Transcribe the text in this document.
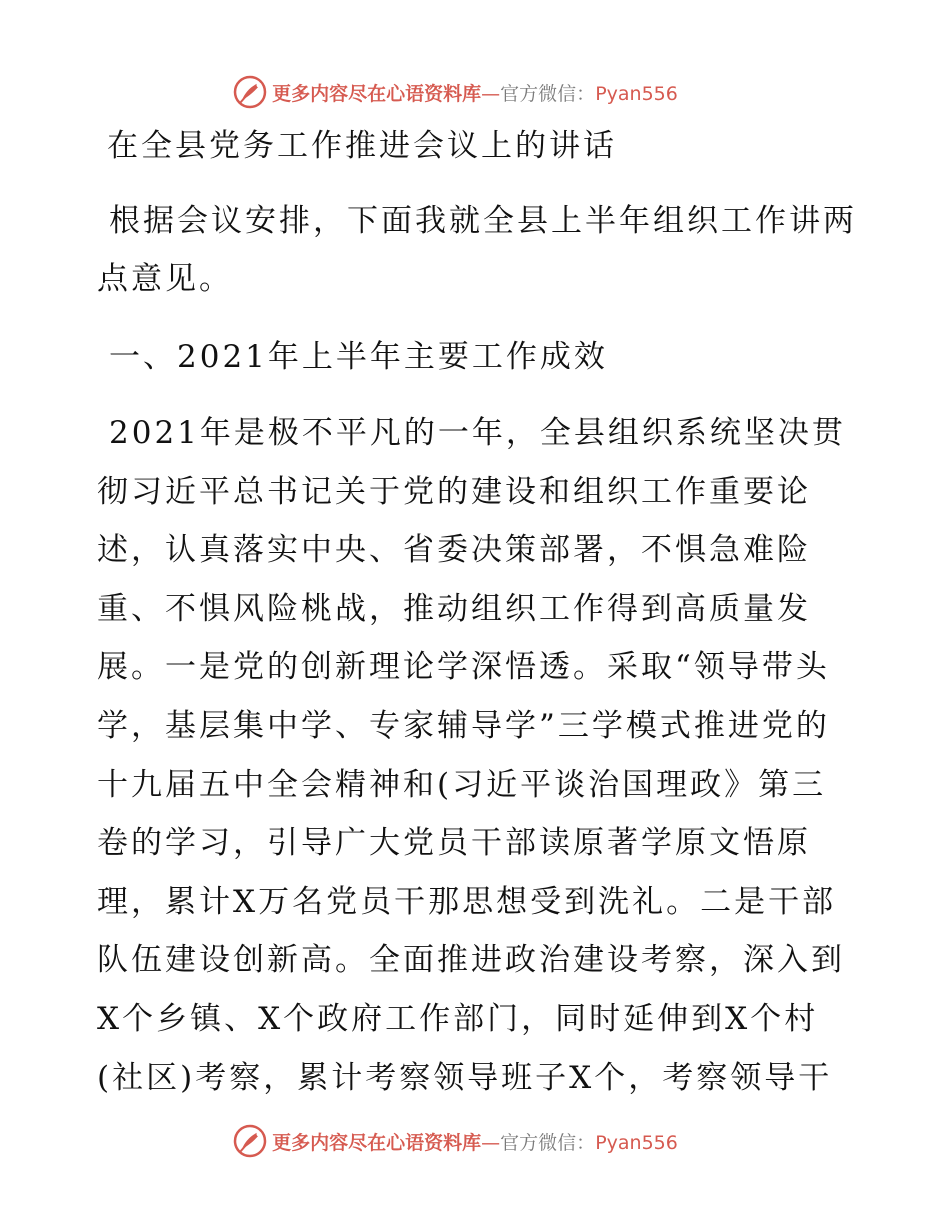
更多内容尽在心语资料库—官方微信：Pyan556

在全县党务工作推进会议上的讲话

根据会议安排，下面我就全县上半年组织工作讲两点意见。

一、2021年上半年主要工作成效

2021年是极不平凡的一年，全县组织系统坚决贯彻习近平总书记关于党的建设和组织工作重要论述，认真落实中央、省委决策部署，不惧急难险重、不惧风险桃战，推动组织工作得到高质量发展。一是党的创新理论学深悟透。采取“领导带头学，基层集中学、专家辅导学”三学模式推进党的十九届五中全会精神和(习近平谈治国理政》第三卷的学习，引导广大党员干部读原著学原文悟原理，累计X万名党员干那思想受到洗礼。二是干部队伍建设创新高。全面推进政治建设考察，深入到X个乡镇、X个政府工作部门，同时延伸到X个村(社区)考察，累计考察领导班子X个，考察领导干

更多内容尽在心语资料库—官方微信：Pyan556
